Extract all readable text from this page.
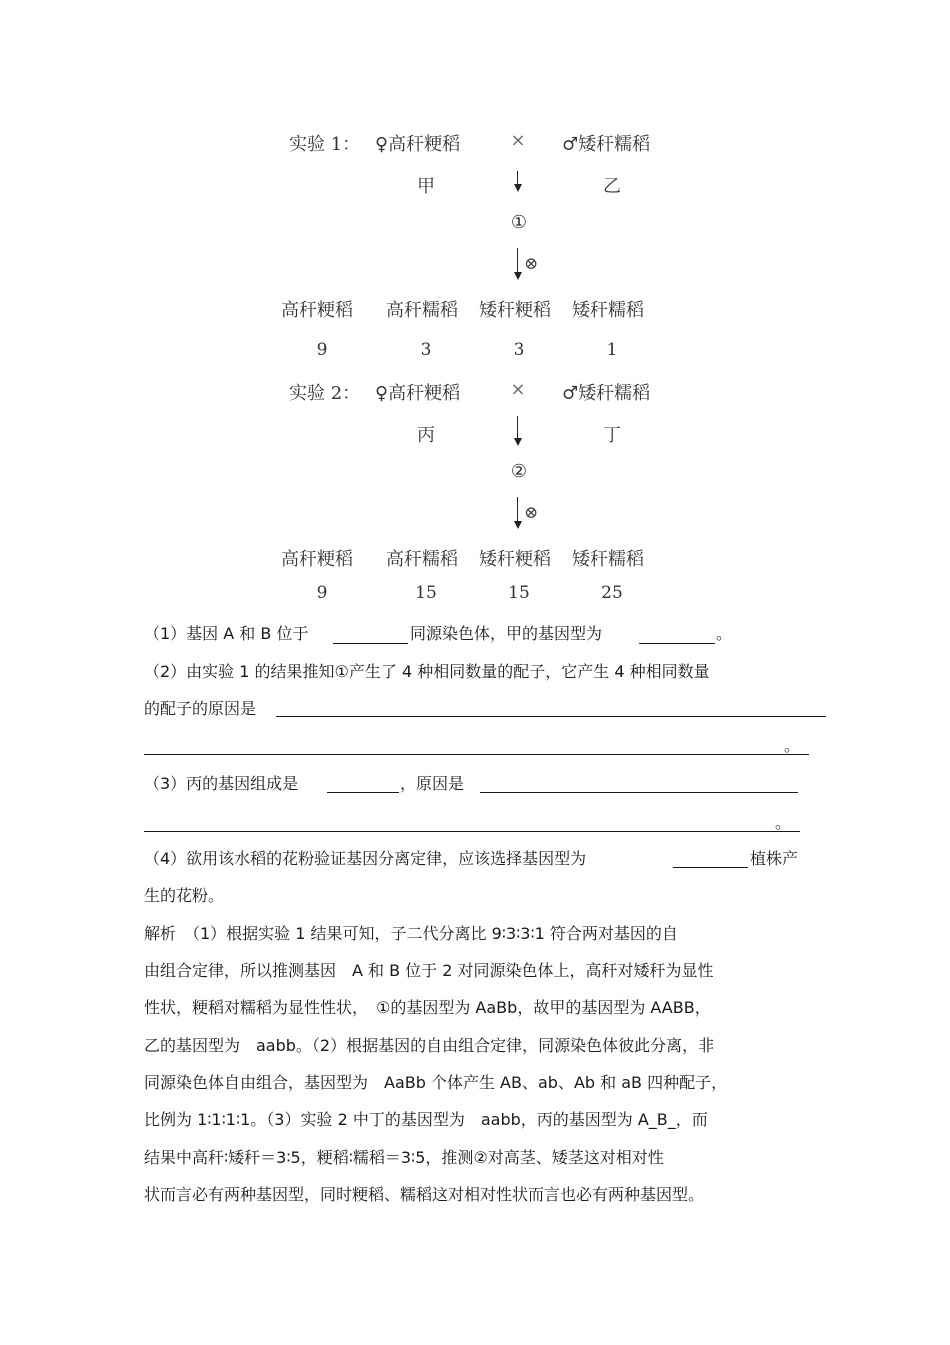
实验 1： ♀高秆粳稻	× ♂矮秆糯稻
甲	乙
①
⊗
高秆粳稻 高秆糯稻 矮秆粳稻 矮秆糯稻
9	3	3	1
实验 2： ♀高秆粳稻	× ♂矮秆糯稻
丙	丁
②
⊗
高秆粳稻 高秆糯稻 矮秆粳稻 矮秆糯稻
9	15	15	25
（1）基因 A 和 B 位于	同源染色体，甲的基因型为	。
（2）由实验 1 的结果推知①产生了 4 种相同数量的配子，它产生 4 种相同数量
的配子的原因是
。
（3）丙的基因组成是	，原因是
。
（4）欲用该水稻的花粉验证基因分离定律，应该选择基因型为	植株产
生的花粉。
解析　（1）根据实验 1 结果可知，子二代分离比 9∶3∶3∶1 符合两对基因的自
由组合定律，所以推测基因　A 和 B 位于 2 对同源染色体上，高秆对矮秆为显性
性状，粳稻对糯稻为显性性状，　①的基因型为 AaBb，故甲的基因型为 AABB，
乙的基因型为　aabb。（2）根据基因的自由组合定律，同源染色体彼此分离，非
同源染色体自由组合，基因型为　AaBb 个体产生 AB、ab、Ab 和 aB 四种配子，
比例为 1∶1∶1∶1。（3）实验 2 中丁的基因型为　aabb，丙的基因型为 A_B_，而
结果中高秆∶矮秆＝3∶5，粳稻∶糯稻＝3∶5，推测②对高茎、矮茎这对相对性
状而言必有两种基因型，同时粳稻、糯稻这对相对性状而言也必有两种基因型。
